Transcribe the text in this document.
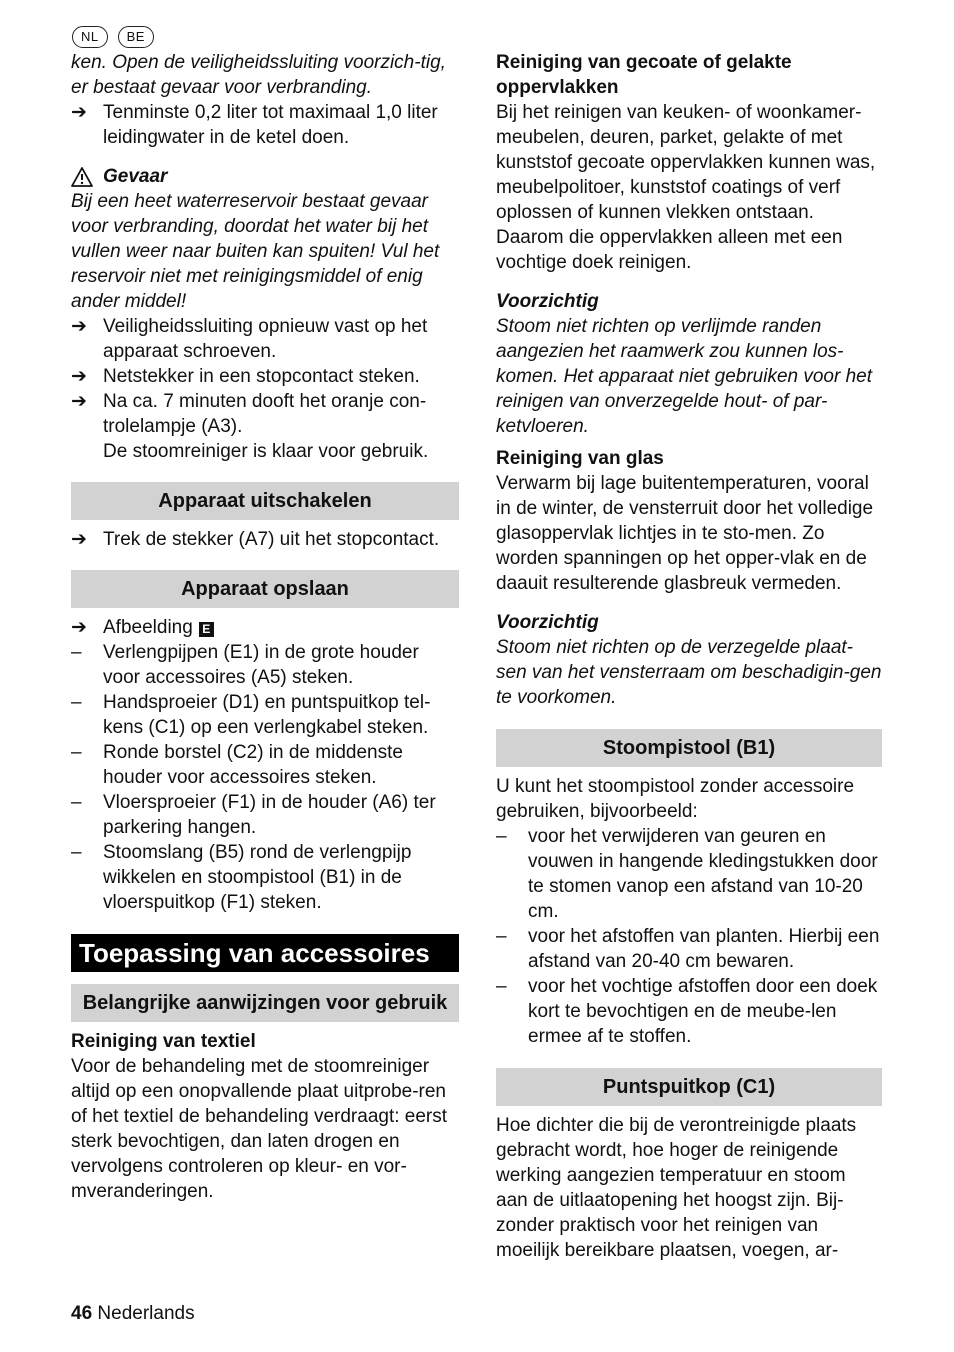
NL	BE

ken. Open de veiligheidssluiting voorzich-tig, er bestaat gevaar voor verbranding.

➔ Tenminste 0,2 liter tot maximaal 1,0 liter leidingwater in de ketel doen.
Gevaar

Bij een heet waterreservoir bestaat gevaar voor verbranding, doordat het water bij het vullen weer naar buiten kan spuiten! Vul het reservoir niet met reinigingsmiddel of enig ander middel!

➔ Veiligheidssluiting opnieuw vast op het apparaat schroeven.
➔ Netstekker in een stopcontact steken.
➔ Na ca. 7 minuten dooft het oranje con-trolelampje (A3).

De stoomreiniger is klaar voor gebruik.

Apparaat uitschakelen
➔ Trek de stekker (A7) uit het stopcontact.
Apparaat opslaan
➔ Afbeelding E
–	Verlengpijpen (E1) in de grote houder voor accessoires (A5) steken.
–	Handsproeier (D1) en puntspuitkop tel-kens (C1) op een verlengkabel steken.
–	Ronde borstel (C2) in de middenste houder voor accessoires steken.
–	Vloersproeier (F1) in de houder (A6) ter parkering hangen.
–	Stoomslang (B5) rond de verlengpijp wikkelen en stoompistool (B1) in de vloerspuitkop (F1) steken.
Toepassing van accessoires
Belangrijke aanwijzingen voor gebruik

Reiniging van textiel

Voor de behandeling met de stoomreiniger altijd op een onopvallende plaat uitprobe-ren of het textiel de behandeling verdraagt: eerst sterk bevochtigen, dan laten drogen en vervolgens controleren op kleur- en vor-mveranderingen.

Reiniging van gecoate of gelakte oppervlakken

Bij het reinigen van keuken- of woonkamer-meubelen, deuren, parket, gelakte of met kunststof gecoate oppervlakken kunnen was, meubelpolitoer, kunststof coatings of verf oplossen of kunnen vlekken ontstaan. Daarom die oppervlakken alleen met een vochtige doek reinigen.

Voorzichtig

Stoom niet richten op verlijmde randen aangezien het raamwerk zou kunnen los-komen. Het apparaat niet gebruiken voor het reinigen van onverzegelde hout- of par-ketvloeren.

Reiniging van glas

Verwarm bij lage buitentemperaturen, vooral in de winter, de vensterruit door het volledige glasoppervlak lichtjes in te sto-men. Zo worden spanningen op het opper-vlak en de daauit resulterende glasbreuk vermeden.

Voorzichtig

Stoom niet richten op de verzegelde plaat-sen van het vensterraam om beschadigin-gen te voorkomen.

Stoompistool (B1)

U kunt het stoompistool zonder accessoire gebruiken, bijvoorbeeld:

–	voor het verwijderen van geuren en vouwen in hangende kledingstukken door te stomen vanop een afstand van 10-20 cm.
–	voor het afstoffen van planten. Hierbij een afstand van 20-40 cm bewaren.
–	voor het vochtige afstoffen door een doek kort te bevochtigen en de meube-len ermee af te stoffen.
Puntspuitkop (C1)

Hoe dichter die bij de verontreinigde plaats gebracht wordt, hoe hoger de reinigende werking aangezien temperatuur en stoom aan de uitlaatopening het hoogst zijn. Bij-zonder praktisch voor het reinigen van moeilijk bereikbare plaatsen, voegen, ar-

46 Nederlands
